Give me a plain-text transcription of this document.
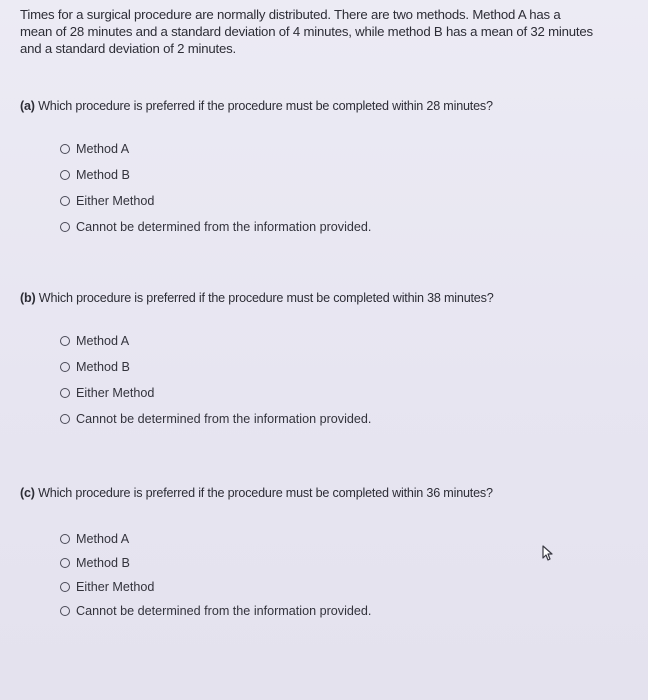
Times for a surgical procedure are normally distributed. There are two methods. Method A has a
mean of 28 minutes and a standard deviation of 4 minutes, while method B has a mean of 32 minutes
and a standard deviation of 2 minutes.
(a) Which procedure is preferred if the procedure must be completed within 28 minutes?
Method A
Method B
Either Method
Cannot be determined from the information provided.
(b) Which procedure is preferred if the procedure must be completed within 38 minutes?
Method A
Method B
Either Method
Cannot be determined from the information provided.
(c) Which procedure is preferred if the procedure must be completed within 36 minutes?
Method A
Method B
Either Method
Cannot be determined from the information provided.
